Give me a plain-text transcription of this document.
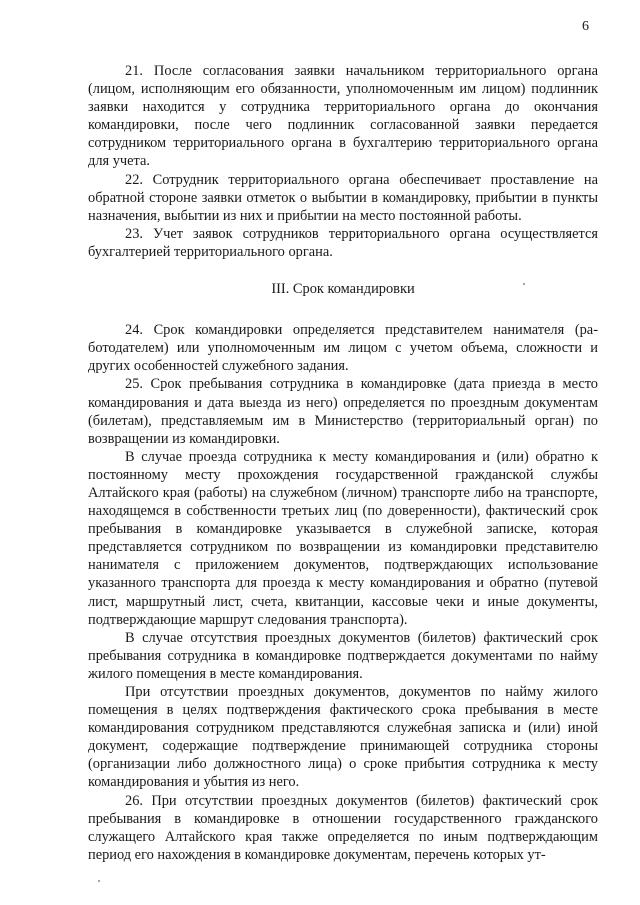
6

21. После согласования заявки начальником территориального органа (лицом, исполняющим его обязанности, уполномоченным им лицом) подлинник заявки находится у сотрудника территориального органа до окончания командировки, после чего подлинник согласованной заявки передается сотрудником территориального органа в бухгалтерию территориального органа для учета.

22. Сотрудник территориального органа обеспечивает проставление на обратной стороне заявки отметок о выбытии в командировку, прибытии в пункты назначения, выбытии из них и прибытии на место постоянной работы.

23. Учет заявок сотрудников территориального органа осуществляется бухгалтерией территориального органа.

III. Срок командировки

24. Срок командировки определяется представителем нанимателя (работодателем) или уполномоченным им лицом с учетом объема, сложности и других особенностей служебного задания.

25. Срок пребывания сотрудника в командировке (дата приезда в место командирования и дата выезда из него) определяется по проездным документам (билетам), представляемым им в Министерство (территориальный орган) по возвращении из командировки.

В случае проезда сотрудника к месту командирования и (или) обратно к постоянному месту прохождения государственной гражданской службы Алтайского края (работы) на служебном (личном) транспорте либо на транспорте, находящемся в собственности третьих лиц (по доверенности), фактический срок пребывания в командировке указывается в служебной записке, которая представляется сотрудником по возвращении из командировки представителю нанимателя с приложением документов, подтверждающих использование указанного транспорта для проезда к месту командирования и обратно (путевой лист, маршрутный лист, счета, квитанции, кассовые чеки и иные документы, подтверждающие маршрут следования транспорта).

В случае отсутствия проездных документов (билетов) фактический срок пребывания сотрудника в командировке подтверждается документами по найму жилого помещения в месте командирования.

При отсутствии проездных документов, документов по найму жилого помещения в целях подтверждения фактического срока пребывания в месте командирования сотрудником представляются служебная записка и (или) иной документ, содержащие подтверждение принимающей сотрудника стороны (организации либо должностного лица) о сроке прибытия сотрудника к месту командирования и убытия из него.

26. При отсутствии проездных документов (билетов) фактический срок пребывания в командировке в отношении государственного гражданского служащего Алтайского края также определяется по иным подтверждающим период его нахождения в командировке документам, перечень которых ут-
